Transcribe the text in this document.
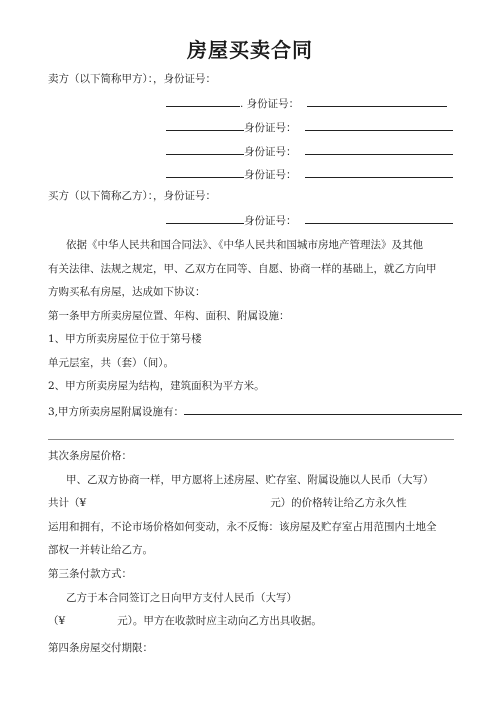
房屋买卖合同
卖方（以下简称甲方）：，身份证号：
. 身份证号：
身份证号：
身份证号：
身份证号：
买方（以下简称乙方）：，身份证号：
身份证号：
依据《中华人民共和国合同法》、《中华人民共和国城市房地产管理法》及其他
有关法律、法规之规定，甲、乙双方在同等、自愿、协商一样的基础上，就乙方向甲
方购买私有房屋，达成如下协议：
第一条甲方所卖房屋位置、年构、面积、附属设施：
1、甲方所卖房屋位于位于第号楼
单元层室，共（套）（间）。
2、甲方所卖房屋为结构，建筑面积为平方米。
3,甲方所卖房屋附属设施有：
其次条房屋价格：
甲、乙双方协商一样，甲方愿将上述房屋、贮存室、附属设施以人民币（大写）
共计（¥	元）的价格转让给乙方永久性
运用和拥有，不论市场价格如何变动，永不反悔：该房屋及贮存室占用范围内土地全
部权一并转让给乙方。
第三条付款方式：
乙方于本合同签订之日向甲方支付人民币（大写）
（¥	元）。甲方在收款时应主动向乙方出具收据。
第四条房屋交付期限：
